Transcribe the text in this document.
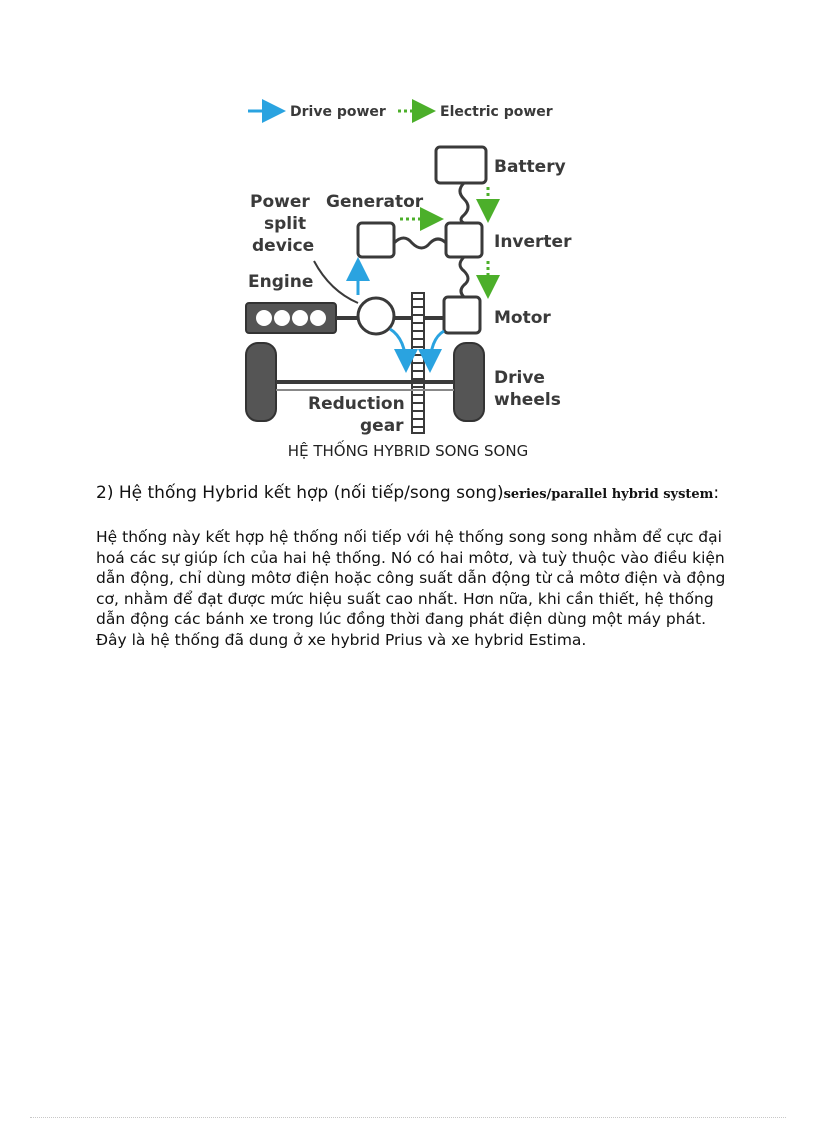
Drive power	Electric power
Battery
Inverter
Generator
Motor
Power
split
device
Engine
Drive
wheels
Reduction
gear
HỆ THỐNG HYBRID SONG SONG
2) Hệ thống Hybrid kết hợp (nối tiếp/song song)series/parallel hybrid system:
Hệ thống này kết hợp hệ thống nối tiếp với hệ thống song song nhằm để cực đại hoá các sự giúp ích của hai hệ thống. Nó có hai môtơ, và tuỳ thuộc vào điều kiện dẫn động, chỉ dùng môtơ điện hoặc công suất dẫn động từ cả môtơ điện và động cơ, nhằm để đạt được mức hiệu suất cao nhất. Hơn nữa, khi cần thiết, hệ thống dẫn động các bánh xe trong lúc đồng thời đang phát điện dùng một máy phát. Đây là hệ thống đã dung ở xe hybrid Prius và xe hybrid Estima.
